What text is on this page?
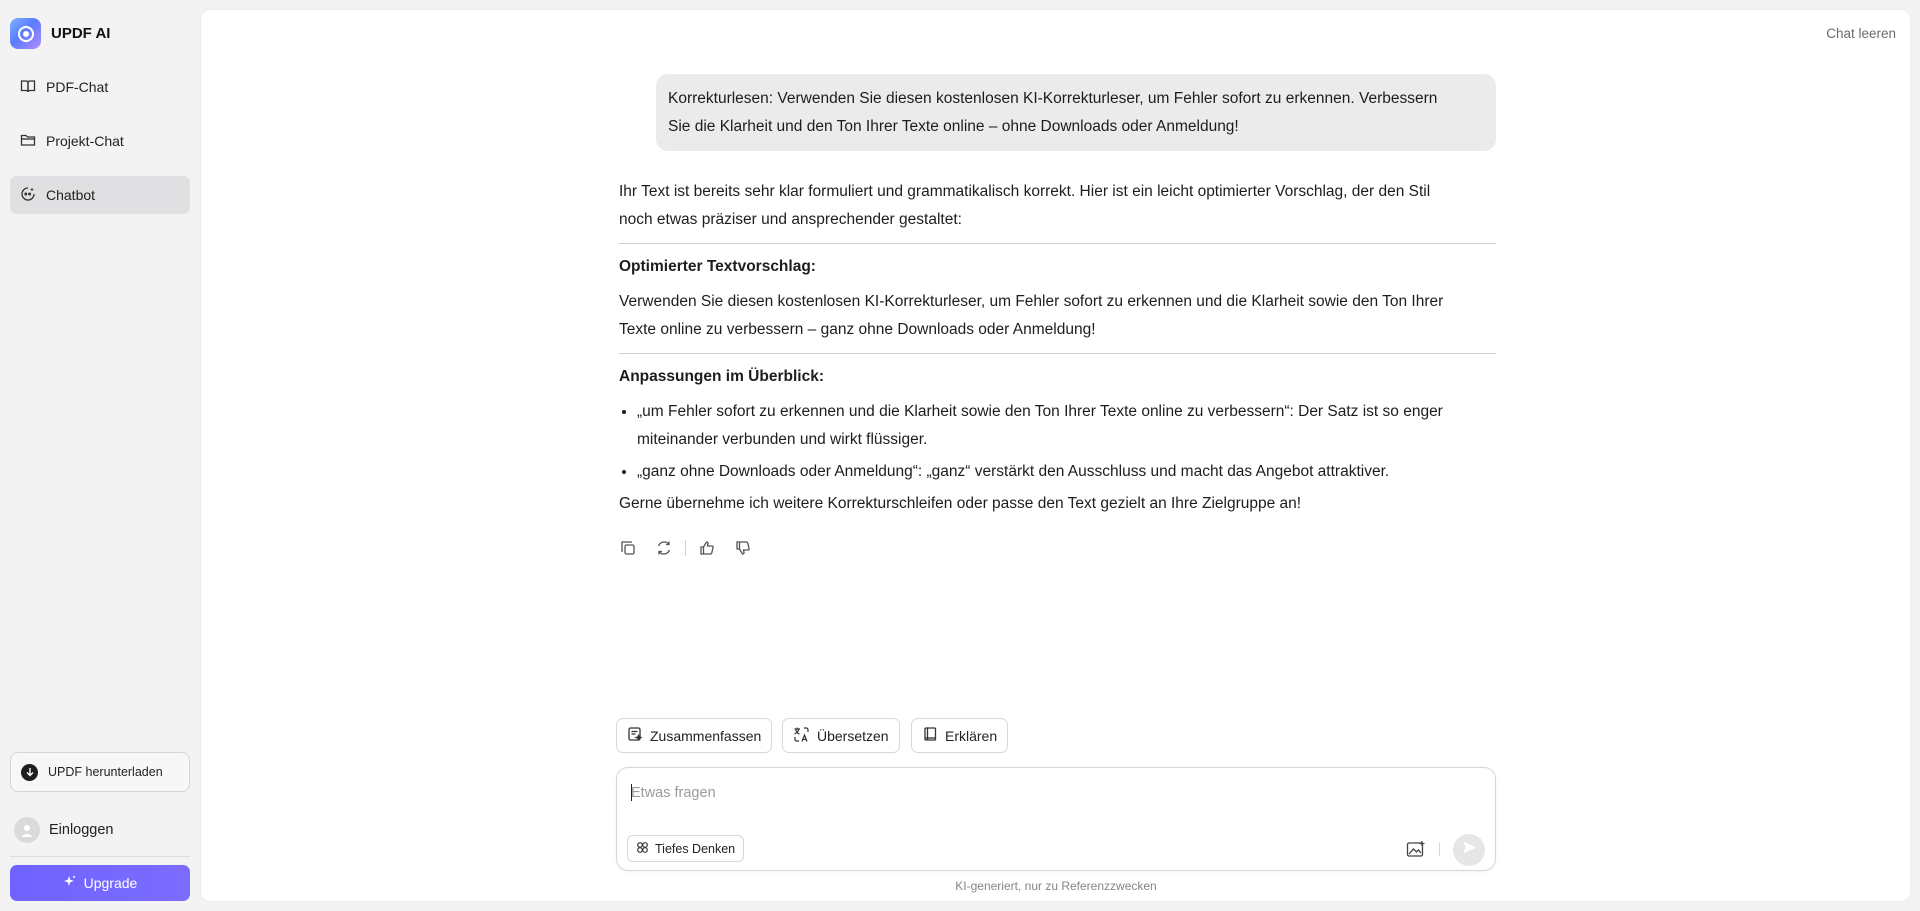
UPDF AI
PDF-Chat
Projekt-Chat
Chatbot
UPDF herunterladen
Einloggen
Upgrade
Chat leeren
Korrekturlesen: Verwenden Sie diesen kostenlosen KI-Korrekturleser, um Fehler sofort zu erkennen. Verbessern
Sie die Klarheit und den Ton Ihrer Texte online – ohne Downloads oder Anmeldung!

Ihr Text ist bereits sehr klar formuliert und grammatikalisch korrekt. Hier ist ein leicht optimierter Vorschlag, der den Stil
noch etwas präziser und ansprechender gestaltet:

Optimierter Textvorschlag:

Verwenden Sie diesen kostenlosen KI-Korrekturleser, um Fehler sofort zu erkennen und die Klarheit sowie den Ton Ihrer
Texte online zu verbessern – ganz ohne Downloads oder Anmeldung!

Anpassungen im Überblick:

• „um Fehler sofort zu erkennen und die Klarheit sowie den Ton Ihrer Texte online zu verbessern“: Der Satz ist so enger
miteinander verbunden und wirkt flüssiger.
• „ganz ohne Downloads oder Anmeldung“: „ganz“ verstärkt den Ausschluss und macht das Angebot attraktiver.

Gerne übernehme ich weitere Korrekturschleifen oder passe den Text gezielt an Ihre Zielgruppe an!

Zusammenfassen	Übersetzen	Erklären
Etwas fragen
Tiefes Denken
KI-generiert, nur zu Referenzzwecken
